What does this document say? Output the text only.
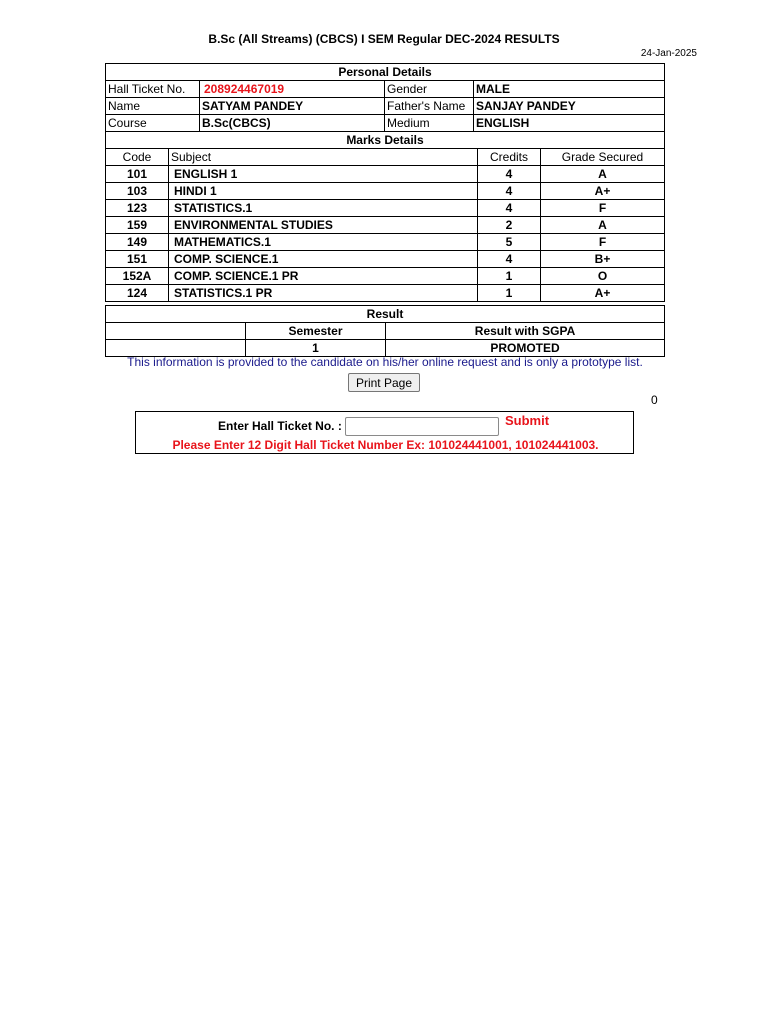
B.Sc (All Streams) (CBCS) I SEM Regular DEC-2024 RESULTS
24-Jan-2025
Personal Details			
Hall Ticket No.	208924467019	Gender	MALE
Name	SATYAM PANDEY	Father's Name	SANJAY PANDEY
Course	B.Sc(CBCS)	Medium	ENGLISH
Marks Details			
Code	Subject	Credits	Grade Secured
101	ENGLISH 1	4	A
103	HINDI 1	4	A+
123	STATISTICS.1	4	F
159	ENVIRONMENTAL STUDIES	2	A
149	MATHEMATICS.1	5	F
151	COMP. SCIENCE.1	4	B+
152A	COMP. SCIENCE.1 PR	1	O
124	STATISTICS.1 PR	1	A+
Result		
	Semester	Result with SGPA
	1	PROMOTED
This information is provided to the candidate on his/her online request and is only a prototype list.
Print Page
0
Enter Hall Ticket No. :	Submit
Please Enter 12 Digit Hall Ticket Number Ex: 101024441001, 101024441003.
